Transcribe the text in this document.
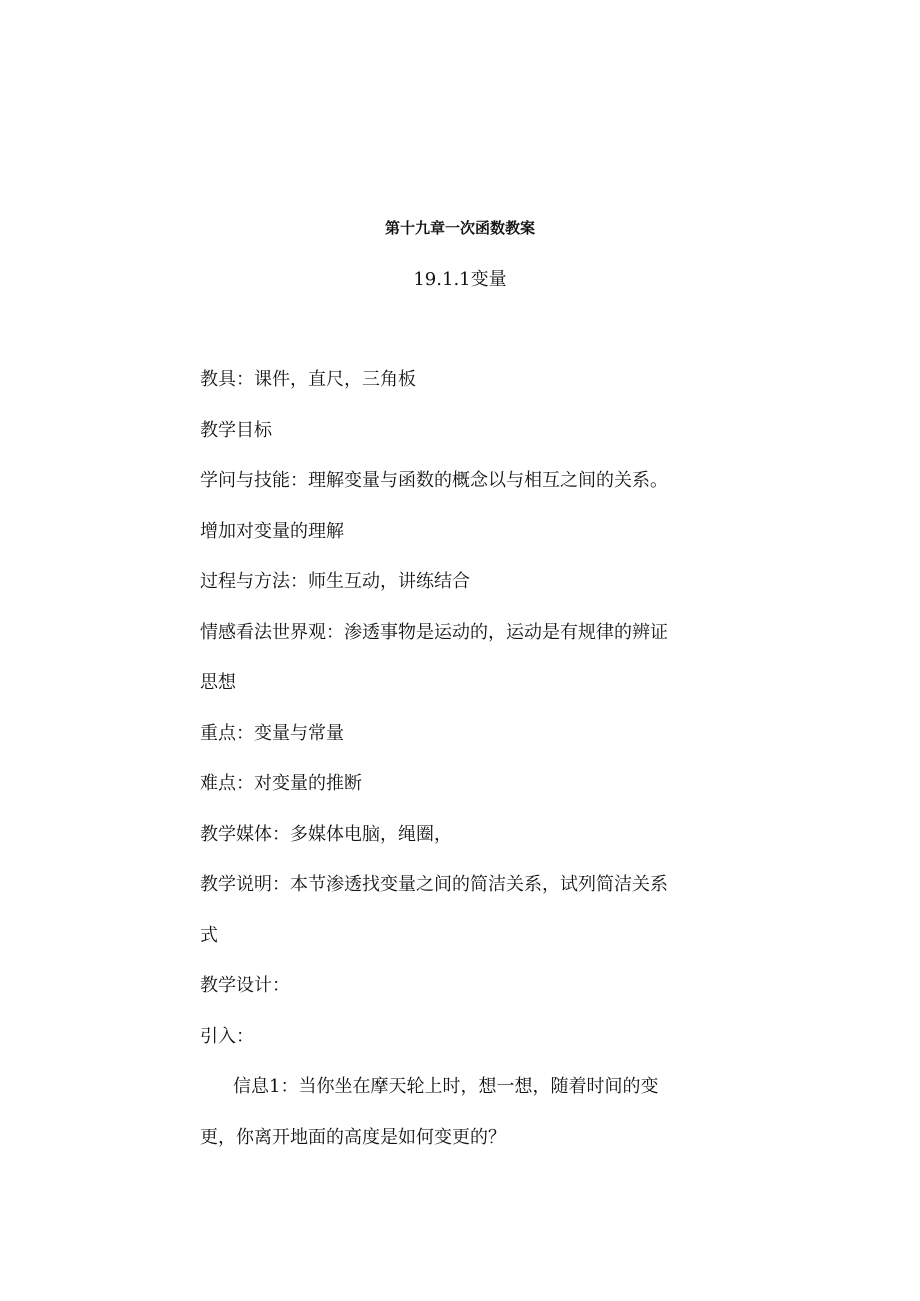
第十九章一次函数教案
19.1.1变量
教具：课件，直尺，三角板
教学目标
学问与技能：理解变量与函数的概念以与相互之间的关系。
增加对变量的理解
过程与方法：师生互动，讲练结合
情感看法世界观：渗透事物是运动的，运动是有规律的辨证
思想
重点：变量与常量
难点：对变量的推断
教学媒体：多媒体电脑，绳圈，
教学说明：本节渗透找变量之间的简洁关系，试列简洁关系
式
教学设计：
引入：
信息1：当你坐在摩天轮上时，想一想，随着时间的变
更，你离开地面的高度是如何变更的？
